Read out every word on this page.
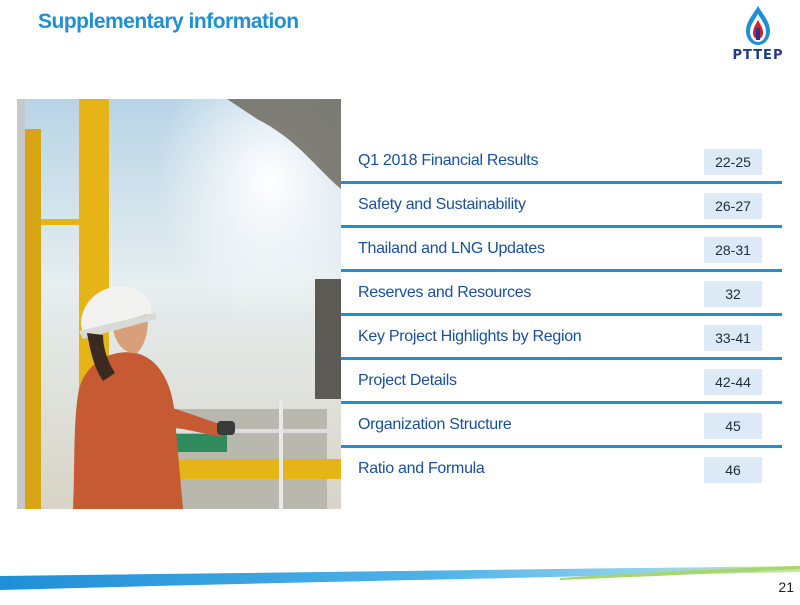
Supplementary information
PTTEP
Q1 2018 Financial Results	22-25
Safety and Sustainability	26-27
Thailand and LNG Updates	28-31
Reserves and Resources	32
Key Project Highlights by Region	33-41
Project Details	42-44
Organization Structure	45
Ratio and Formula	46
21
